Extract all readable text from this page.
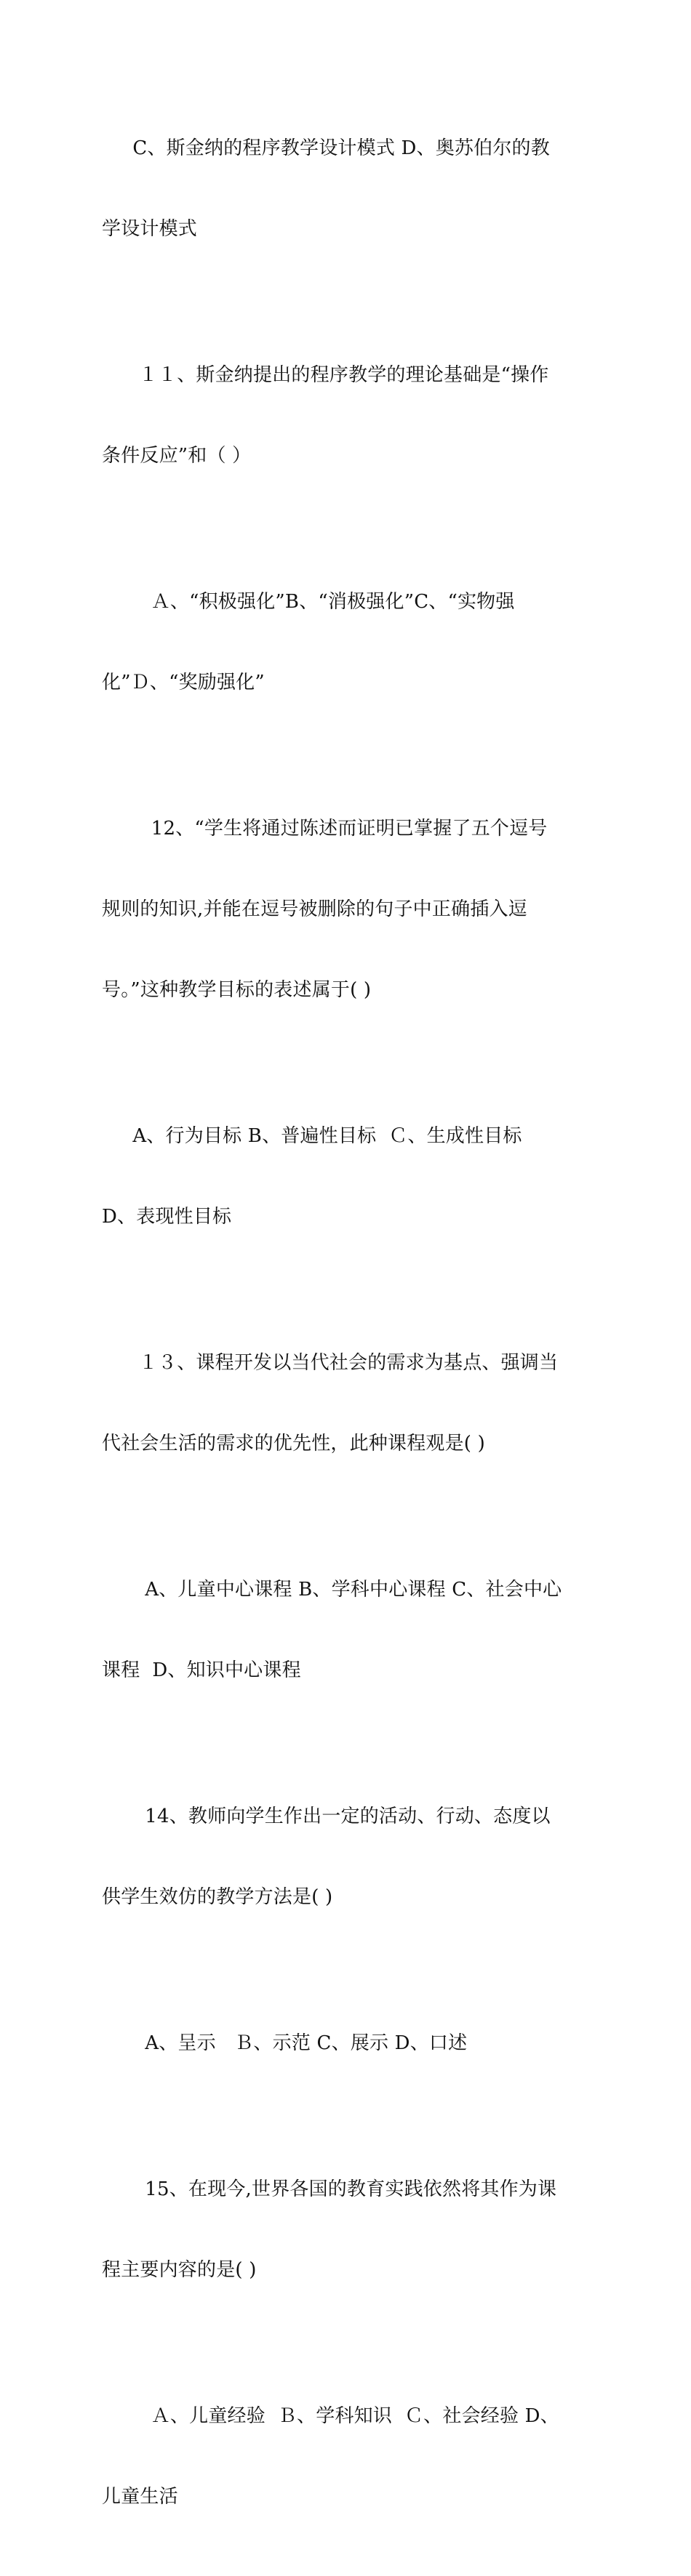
C、斯金纳的程序教学设计模式 D、奥苏伯尔的教

学设计模式

１１、斯金纳提出的程序教学的理论基础是“操作

条件反应”和（ ）

Ａ、“积极强化”B、“消极强化”C、“实物强

化”Ｄ、“奖励强化”

12、“学生将通过陈述而证明已掌握了五个逗号

规则的知识,并能在逗号被删除的句子中正确插入逗

号。”这种教学目标的表述属于( )

A、行为目标 B、普遍性目标  Ｃ、生成性目标

D、表现性目标

１３、课程开发以当代社会的需求为基点、强调当

代社会生活的需求的优先性，此种课程观是( )

A、儿童中心课程 B、学科中心课程 C、社会中心

课程  D、知识中心课程

14、教师向学生作出一定的活动、行动、态度以

供学生效仿的教学方法是( )

A、呈示   Ｂ、示范 C、展示 D、口述

15、在现今,世界各国的教育实践依然将其作为课

程主要内容的是( )

Ａ、儿童经验  Ｂ、学科知识  Ｃ、社会经验 D、

儿童生活
